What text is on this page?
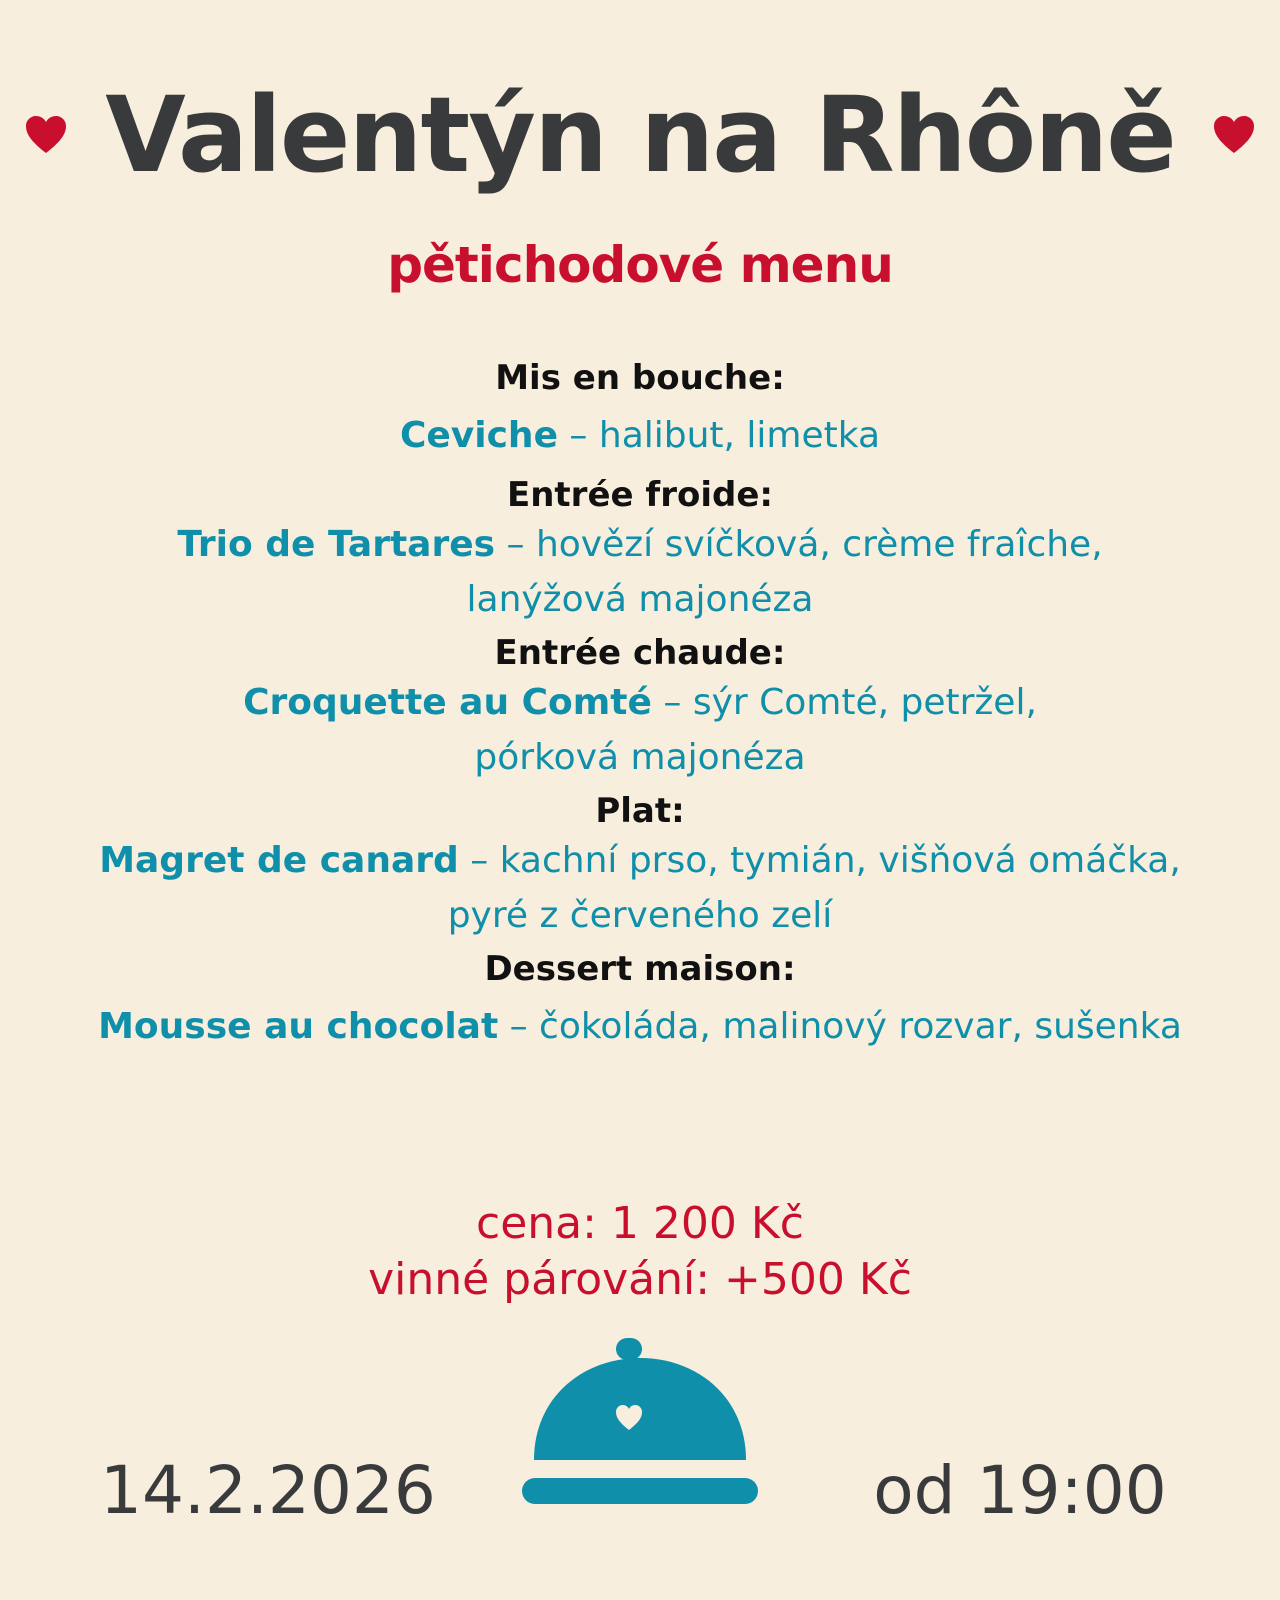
Valentýn na Rhôně
pětichodové menu

Mis en bouche:

Ceviche – halibut, limetka

Entrée froide:

Trio de Tartares – hovězí svíčková, crème fraîche,
lanýžová majonéza

Entrée chaude:

Croquette au Comté – sýr Comté, petržel,
pórková majonéza

Plat:

Magret de canard – kachní prso, tymián, višňová omáčka,
pyré z červeného zelí

Dessert maison:

Mousse au chocolat – čokoláda, malinový rozvar, sušenka

cena: 1 200 Kč
vinné párování: +500 Kč
14.2.2026	od 19:00
